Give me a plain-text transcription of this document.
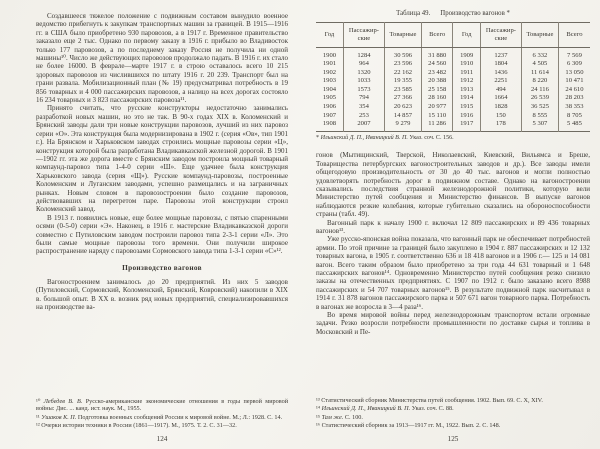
Создавшееся тяжелое положение с подвижным составом вынудило военное ведомство прибегнуть к закупкам транспортных машин за границей. В 1915—1916 гг. в США было приобретено 930 паровозов, а в 1917 г. Временное правительство заказало еще 2 тыс. Однако по первому заказу в 1916 г. прибыло во Владивосток только 177 паровозов, а по последнему заказу Россия не получила ни одной машины¹⁰. Число же действующих паровозов продолжало падать. В 1916 г. их стало не более 16000. В феврале—марте 1917 г. в строю оставалось всего 10 215 здоровых паровозов из числившихся по штату 1916 г. 20 239. Транспорт был на грани развала. Мобилизационный план (№ 19) предусматривал потребность в 19 856 товарных и 4 000 пассажирских паровозов, а налицо на всех дорогах состояло 16 234 товарных и 3 823 пассажирских паровоза¹¹.

Принято считать, что русские конструкторы недостаточно занимались разработкой новых машин, но это не так. В 90-х годах XIX в. Коломенский и Брянский заводы дали три новые конструкции паровозов, лучший из них паровоз серии «О». Эта конструкция была модернизирована в 1902 г. (серия «Ов», тип 1901 г.). На Брянском и Харьковском заводах строились мощные паровозы серии «Ц», конструкция которой была разработана Владикавказской железной дорогой. В 1901—1902 гг. эта же дорога вместе с Брянским заводом построила мощный товарный компаунд-паровоз типа 1-4-0 серии «Ш». Еще удачнее была конструкция Харьковского завода (серия «Щ»). Русские компаунд-паровозы, построенные Коломенским и Луганским заводами, успешно размещались и на заграничных рынках. Новым словом в паровозостроении было создание паровозов, действовавших на перегретом паре. Паровозы этой конструкции строил Коломенский завод.

В 1913 г. появились новые, еще более мощные паровозы, с пятью спаренными осями (0-5-0) серии «Э». Наконец, в 1916 г. мастерские Владикавказской дороги совместно с Путиловским заводом построили паровоз типа 2-3-1 серии «Л». Это были самые мощные паровозы того времени. Они получили широкое распространение наряду с паровозами Сормовского завода типа 1-3-1 серии «С»¹².

Производство вагонов

Вагоностроением занималось до 20 предприятий. Из них 5 заводов (Путиловский, Сормовский, Коломенский, Брянский, Ковровский) накопили в XIX в. большой опыт. В XX в. возник ряд новых предприятий, специализировавшихся на производстве ва-

¹⁰ Лебедев В. В. Русско-американские экономические отношения в годы первой мировой войны: Дис. ... канд. ист. наук. М., 1955.
¹¹ Ушаков К. П. Подготовка военных сообщений России к мировой войне. М.; Л.: 1928. С. 14.
¹² Очерки истории техники в России (1861—1917). М., 1975. Т. 2. С. 31—32.
124
Таблица 49. Производство вагонов *
Год	Пассажирские	Товарные	Всего	Год	Пассажирские	Товарные	Всего
1900	1284	30 596	31 880	1909	1237	6 332	7 569
1901	964	23 596	24 560	1910	1804	4 505	6 309
1902	1320	22 162	23 482	1911	1436	11 614	13 050
1903	1033	19 355	20 388	1912	2251	8 220	10 471
1904	1573	23 585	25 158	1913	494	24 116	24 610
1905	794	27 366	28 160	1914	1664	26 539	28 203
1906	354	20 623	20 977	1915	1828	36 525	38 353
1907	253	14 857	15 110	1916	150	8 555	8 705
1908	2007	9 279	11 286	1917	178	5 307	5 485
* Ильинский Д. П., Иваницкий В. П. Указ. соч. С. 156.

гонов (Мытищинский, Тверской, Николаевский, Киевский, Вильямса и Бреше, Товарищества петербургских вагоностроительных заводов и др.). Все заводы имели общегодовую производительность от 30 до 40 тыс. вагонов и могли полностью удовлетворять потребность дорог в подвижном составе. Однако на вагоностроении сказывались последствия странной железнодорожной политики, которую вели Министерство путей сообщения и Министерство финансов. В выпуске вагонов наблюдаются резкие колебания, которые губительно сказались на обороноспособности страны (табл. 49).

Вагонный парк к началу 1900 г. включал 12 809 пассажирских и 89 436 товарных вагонов¹³.

Уже русско-японская война показала, что вагонный парк не обеспечивает потребностей армии. По этой причине за границей было закуплено в 1904 г. 887 пассажирских и 12 132 товарных вагона, в 1905 г. соответственно 636 и 18 418 вагонов и в 1906 г.— 125 и 14 081 вагон. Всего таким образом было приобретено за три года 44 631 товарный и 1 648 пассажирских вагонов¹⁴. Одновременно Министерство путей сообщения резко снизило заказы на отечественных предприятиях. С 1907 по 1912 г. было заказано всего 8988 пассажирских и 54 707 товарных вагонов¹⁵. В результате подвижной парк насчитывал в 1914 г. 31 878 вагонов пассажирского парка и 507 671 вагон товарного парка. Потребность в вагонах же возросла в 3—4 раза¹⁶.

Во время мировой войны перед железнодорожным транспортом встали огромные задачи. Резко возросли потребности промышленности по доставке сырья и топлива в Московский и Пе-

¹³ Статистический сборник Министерства путей сообщения. 1902. Вып. 69. С. X, XIV.
¹⁴ Ильинский Д. П., Иваницкий В. П. Указ. соч. С. 88.
¹⁵ Там же. С. 100.
¹⁶ Статистический сборник за 1913—1917 гг. М., 1922. Вып. 2. С. 148.
125
